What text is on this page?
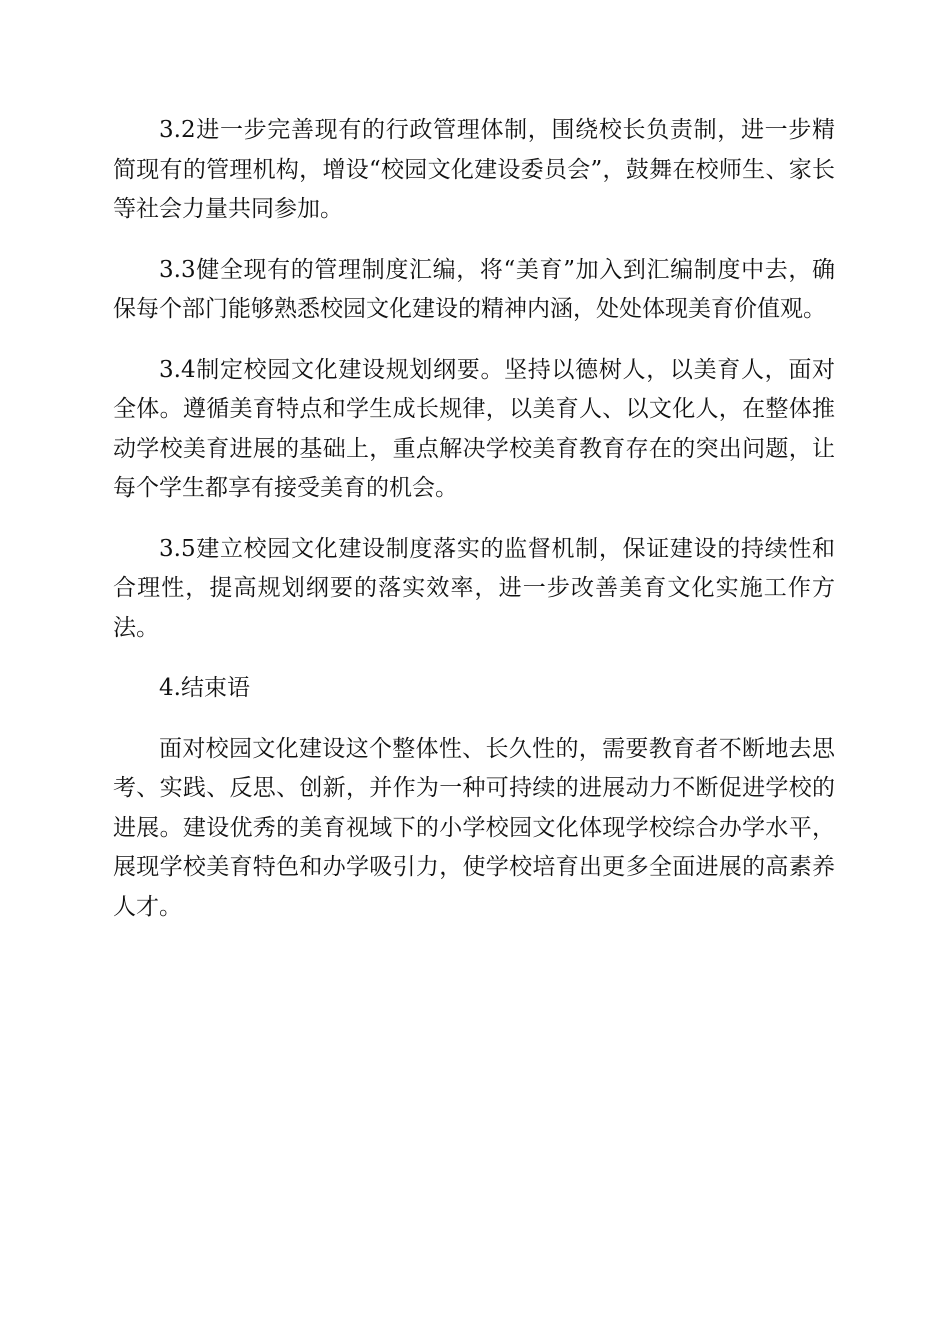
3.2进一步完善现有的行政管理体制，围绕校长负责制，进一步精简现有的管理机构，增设“校园文化建设委员会”，鼓舞在校师生、家长等社会力量共同参加。

3.3健全现有的管理制度汇编，将“美育”加入到汇编制度中去，确保每个部门能够熟悉校园文化建设的精神内涵，处处体现美育价值观。

3.4制定校园文化建设规划纲要。坚持以德树人，以美育人，面对全体。遵循美育特点和学生成长规律，以美育人、以文化人，在整体推动学校美育进展的基础上，重点解决学校美育教育存在的突出问题，让每个学生都享有接受美育的机会。

3.5建立校园文化建设制度落实的监督机制，保证建设的持续性和合理性，提高规划纲要的落实效率，进一步改善美育文化实施工作方法。

4.结束语

面对校园文化建设这个整体性、长久性的，需要教育者不断地去思考、实践、反思、创新，并作为一种可持续的进展动力不断促进学校的进展。建设优秀的美育视域下的小学校园文化体现学校综合办学水平，展现学校美育特色和办学吸引力，使学校培育出更多全面进展的高素养人才。
